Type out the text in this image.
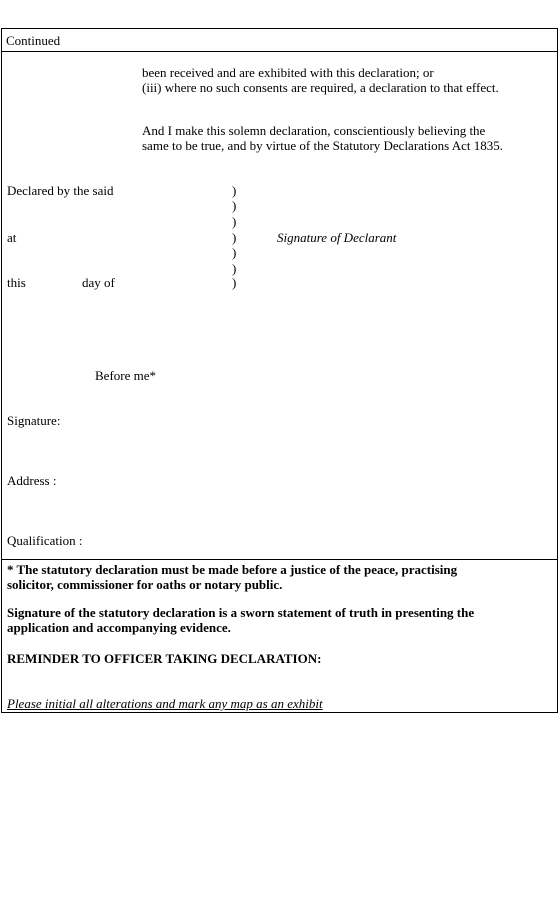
Continued
been received and are exhibited with this declaration; or
(iii) where no such consents are required, a declaration to that effect.
And I make this solemn declaration, conscientiously believing the
same to be true, and by virtue of the Statutory Declarations Act 1835.
Declared by the said
at
this	day of
)
)
)
)
)
)
)
Signature of Declarant
Before me*
Signature:
Address :
Qualification :
* The statutory declaration must be made before a justice of the peace, practising
solicitor, commissioner for oaths or notary public.
Signature of the statutory declaration is a sworn statement of truth in presenting the
application and accompanying evidence.
REMINDER TO OFFICER TAKING DECLARATION:
Please initial all alterations and mark any map as an exhibit
